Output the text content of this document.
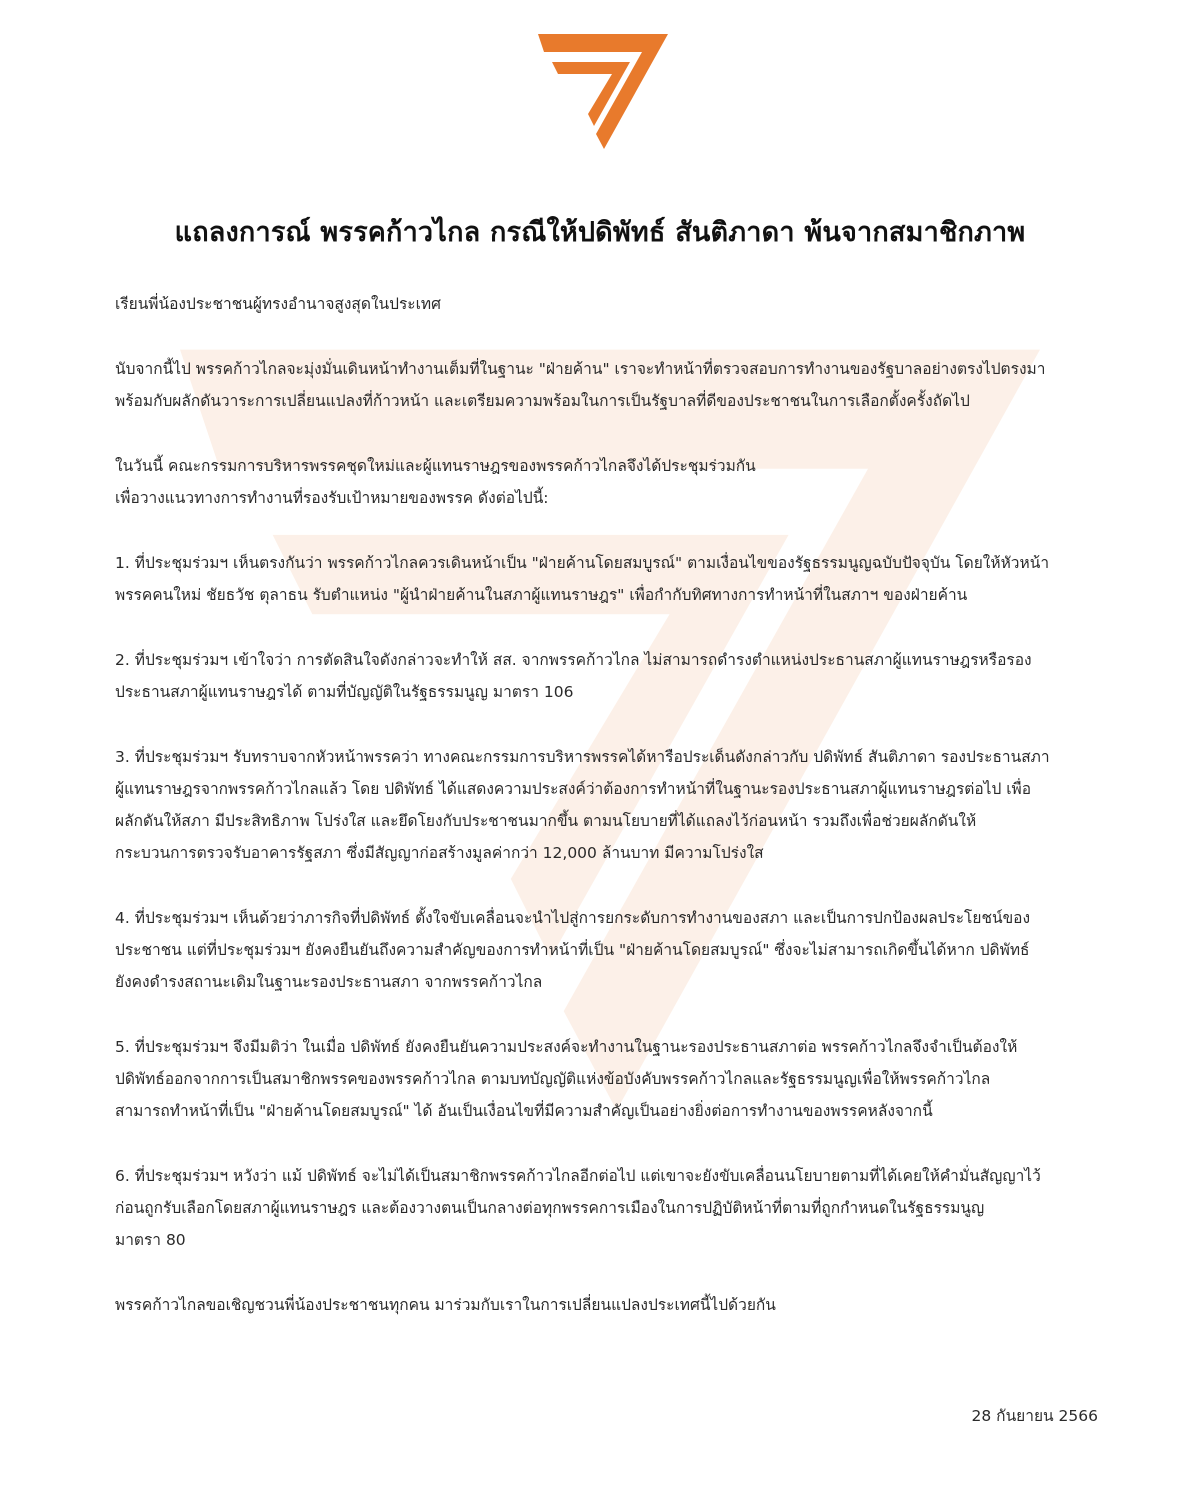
แถลงการณ์ พรรคก้าวไกล กรณีให้ปดิพัทธ์ สันติภาดา พ้นจากสมาชิกภาพ
เรียนพี่น้องประชาชนผู้ทรงอำนาจสูงสุดในประเทศ
นับจากนี้ไป พรรคก้าวไกลจะมุ่งมั่นเดินหน้าทำงานเต็มที่ในฐานะ "ฝ่ายค้าน" เราจะทำหน้าที่ตรวจสอบการทำงานของรัฐบาลอย่างตรงไปตรงมา
พร้อมกับผลักดันวาระการเปลี่ยนแปลงที่ก้าวหน้า และเตรียมความพร้อมในการเป็นรัฐบาลที่ดีของประชาชนในการเลือกตั้งครั้งถัดไป
ในวันนี้ คณะกรรมการบริหารพรรคชุดใหม่และผู้แทนราษฎรของพรรคก้าวไกลจึงได้ประชุมร่วมกัน
เพื่อวางแนวทางการทำงานที่รองรับเป้าหมายของพรรค ดังต่อไปนี้:
1. ที่ประชุมร่วมฯ เห็นตรงกันว่า พรรคก้าวไกลควรเดินหน้าเป็น "ฝ่ายค้านโดยสมบูรณ์" ตามเงื่อนไขของรัฐธรรมนูญฉบับปัจจุบัน โดยให้หัวหน้า
พรรคคนใหม่ ชัยธวัช ตุลาธน รับตำแหน่ง "ผู้นำฝ่ายค้านในสภาผู้แทนราษฎร" เพื่อกำกับทิศทางการทำหน้าที่ในสภาฯ ของฝ่ายค้าน
2. ที่ประชุมร่วมฯ เข้าใจว่า การตัดสินใจดังกล่าวจะทำให้ สส. จากพรรคก้าวไกล ไม่สามารถดำรงตำแหน่งประธานสภาผู้แทนราษฎรหรือรอง
ประธานสภาผู้แทนราษฎรได้ ตามที่บัญญัติในรัฐธรรมนูญ มาตรา 106
3. ที่ประชุมร่วมฯ รับทราบจากหัวหน้าพรรคว่า ทางคณะกรรมการบริหารพรรคได้หารือประเด็นดังกล่าวกับ ปดิพัทธ์ สันติภาดา รองประธานสภา
ผู้แทนราษฎรจากพรรคก้าวไกลแล้ว โดย ปดิพัทธ์ ได้แสดงความประสงค์ว่าต้องการทำหน้าที่ในฐานะรองประธานสภาผู้แทนราษฎรต่อไป เพื่อ
ผลักดันให้สภา มีประสิทธิภาพ โปร่งใส และยึดโยงกับประชาชนมากขึ้น ตามนโยบายที่ได้แถลงไว้ก่อนหน้า รวมถึงเพื่อช่วยผลักดันให้
กระบวนการตรวจรับอาคารรัฐสภา ซึ่งมีสัญญาก่อสร้างมูลค่ากว่า 12,000 ล้านบาท มีความโปร่งใส
4. ที่ประชุมร่วมฯ เห็นด้วยว่าภารกิจที่ปดิพัทธ์ ตั้งใจขับเคลื่อนจะนำไปสู่การยกระดับการทำงานของสภา และเป็นการปกป้องผลประโยชน์ของ
ประชาชน แต่ที่ประชุมร่วมฯ ยังคงยืนยันถึงความสำคัญของการทำหน้าที่เป็น "ฝ่ายค้านโดยสมบูรณ์" ซึ่งจะไม่สามารถเกิดขึ้นได้หาก ปดิพัทธ์
ยังคงดำรงสถานะเดิมในฐานะรองประธานสภา จากพรรคก้าวไกล
5. ที่ประชุมร่วมฯ จึงมีมติว่า ในเมื่อ ปดิพัทธ์ ยังคงยืนยันความประสงค์จะทำงานในฐานะรองประธานสภาต่อ พรรคก้าวไกลจึงจำเป็นต้องให้
ปดิพัทธ์ออกจากการเป็นสมาชิกพรรคของพรรคก้าวไกล ตามบทบัญญัติแห่งข้อบังคับพรรคก้าวไกลและรัฐธรรมนูญเพื่อให้พรรคก้าวไกล
สามารถทำหน้าที่เป็น "ฝ่ายค้านโดยสมบูรณ์" ได้ อันเป็นเงื่อนไขที่มีความสำคัญเป็นอย่างยิ่งต่อการทำงานของพรรคหลังจากนี้
6. ที่ประชุมร่วมฯ หวังว่า แม้ ปดิพัทธ์ จะไม่ได้เป็นสมาชิกพรรคก้าวไกลอีกต่อไป แต่เขาจะยังขับเคลื่อนนโยบายตามที่ได้เคยให้คำมั่นสัญญาไว้
ก่อนถูกรับเลือกโดยสภาผู้แทนราษฎร และต้องวางตนเป็นกลางต่อทุกพรรคการเมืองในการปฏิบัติหน้าที่ตามที่ถูกกำหนดในรัฐธรรมนูญ
มาตรา 80
พรรคก้าวไกลขอเชิญชวนพี่น้องประชาชนทุกคน มาร่วมกับเราในการเปลี่ยนแปลงประเทศนี้ไปด้วยกัน
28 กันยายน 2566
